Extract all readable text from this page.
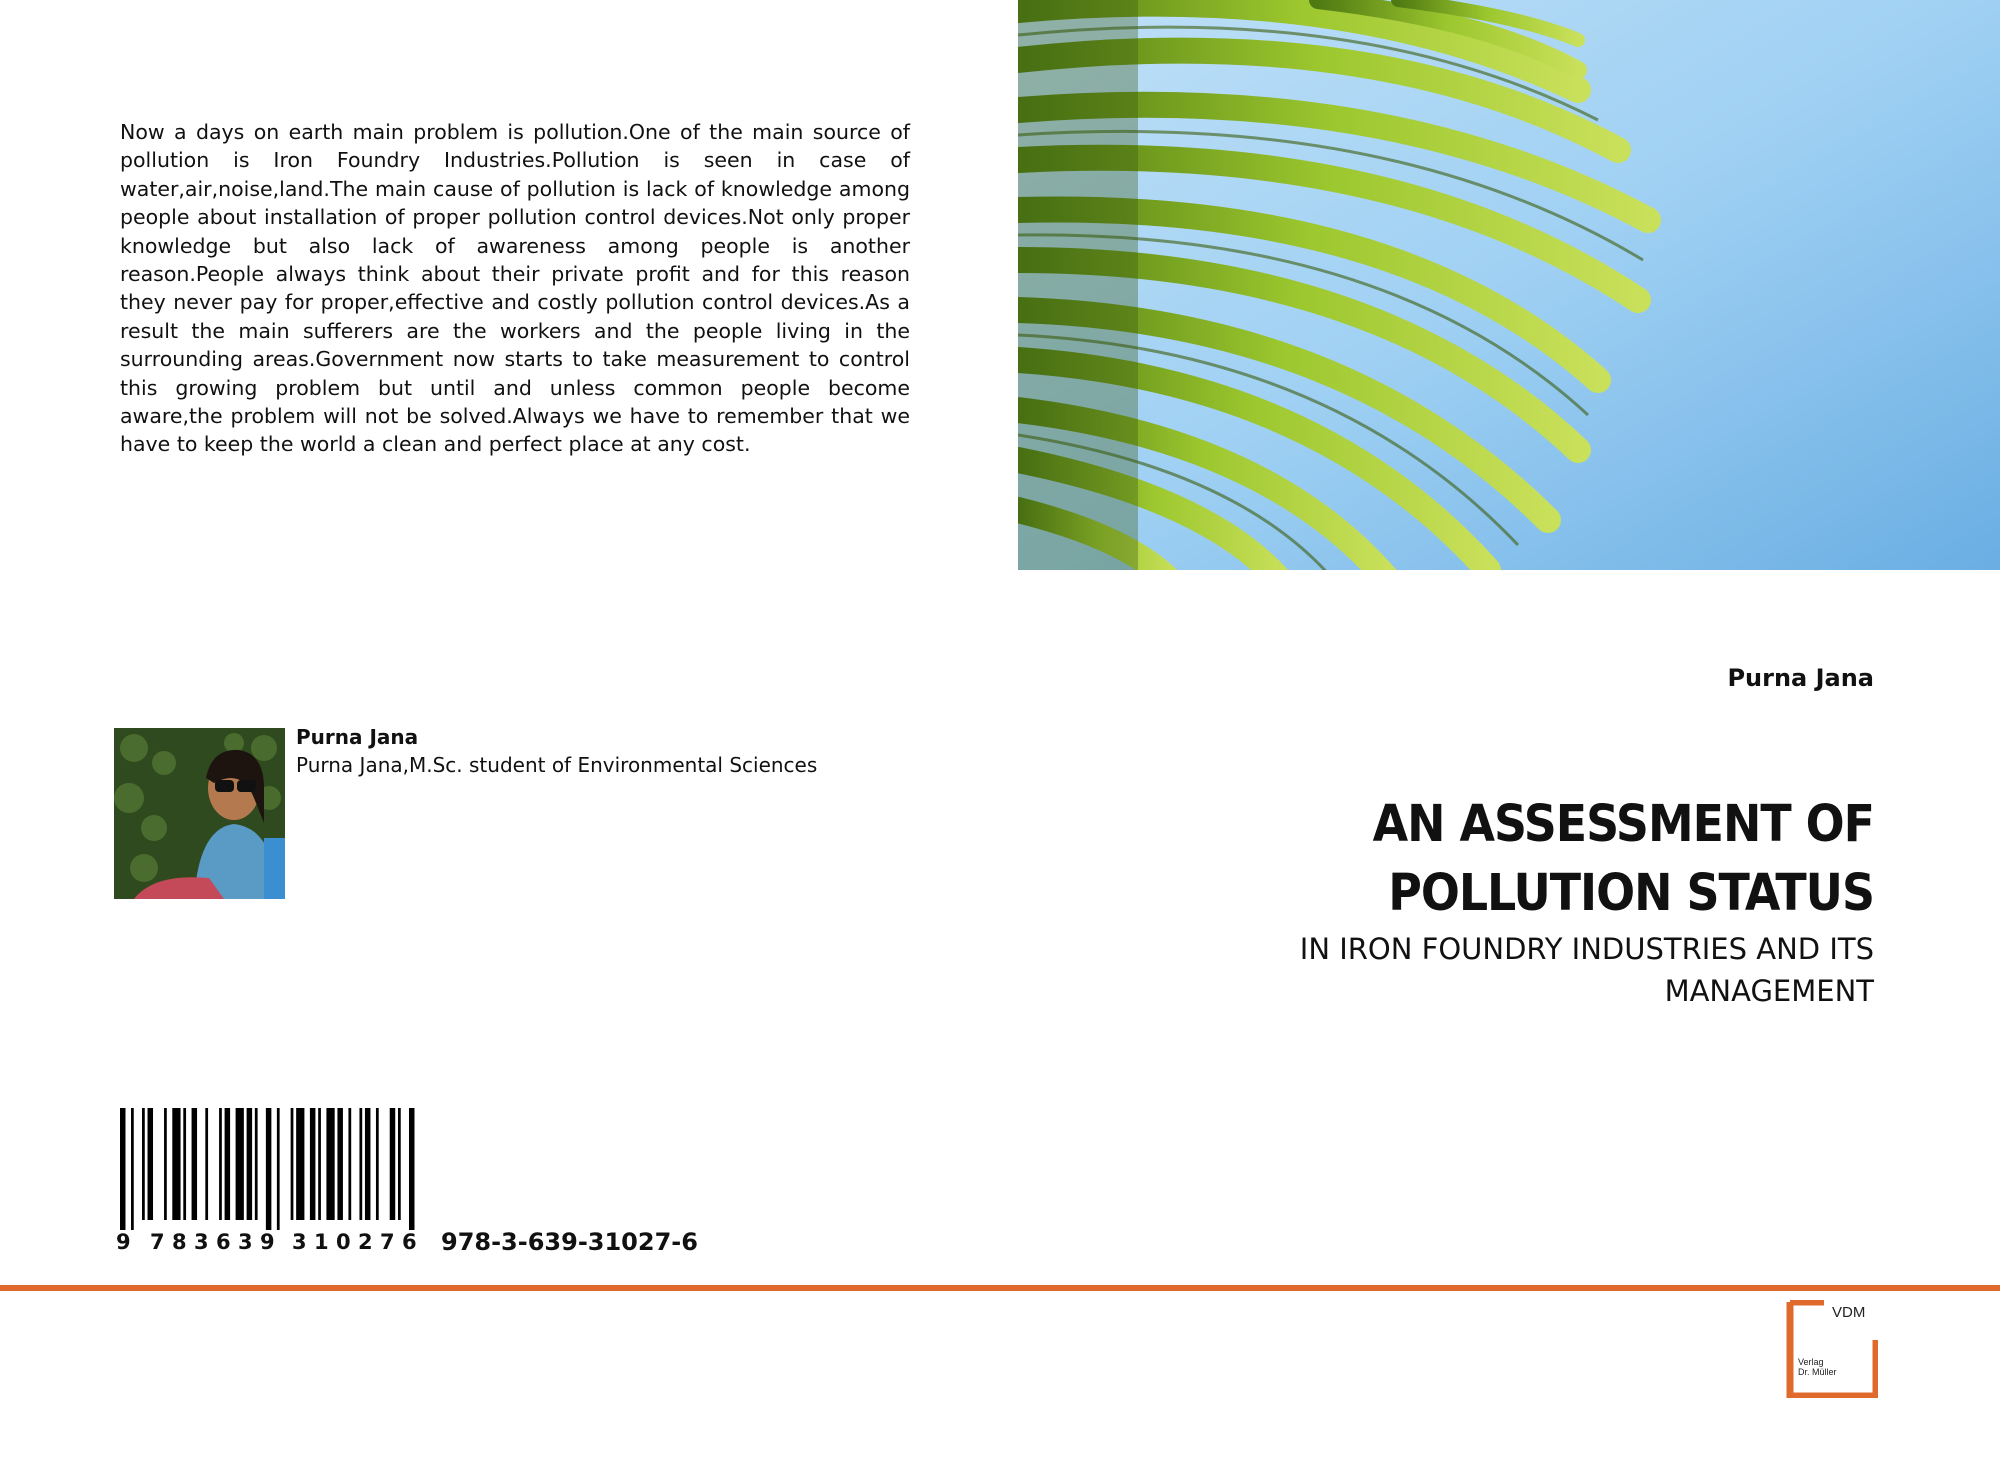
Now a days on earth main problem is pollution.One of the main source of pollution is Iron Foundry Industries.Pollution is seen in case of water,air,noise,land.The main cause of pollution is lack of knowledge among people about installation of proper pollution control devices.Not only proper knowledge but also lack of awareness among people is another reason.People always think about their private profit and for this reason they never pay for proper,effective and costly pollution control devices.As a result the main sufferers are the workers and the people living in the surrounding areas.Government now starts to take measurement to control this growing problem but until and unless common people become aware,the problem will not be solved.Always we have to remember that we have to keep the world a clean and perfect place at any cost.

Purna Jana
Purna Jana,M.Sc. student of Environmental Sciences
Purna Jana
AN ASSESSMENT OF POLLUTION STATUS

IN IRON FOUNDRY INDUSTRIES AND ITS MANAGEMENT

9 7 8 3 6 3 9 3 1 0 2 7 6 978-3-639-31027-6
VDM
Verlag
Dr. Müller
